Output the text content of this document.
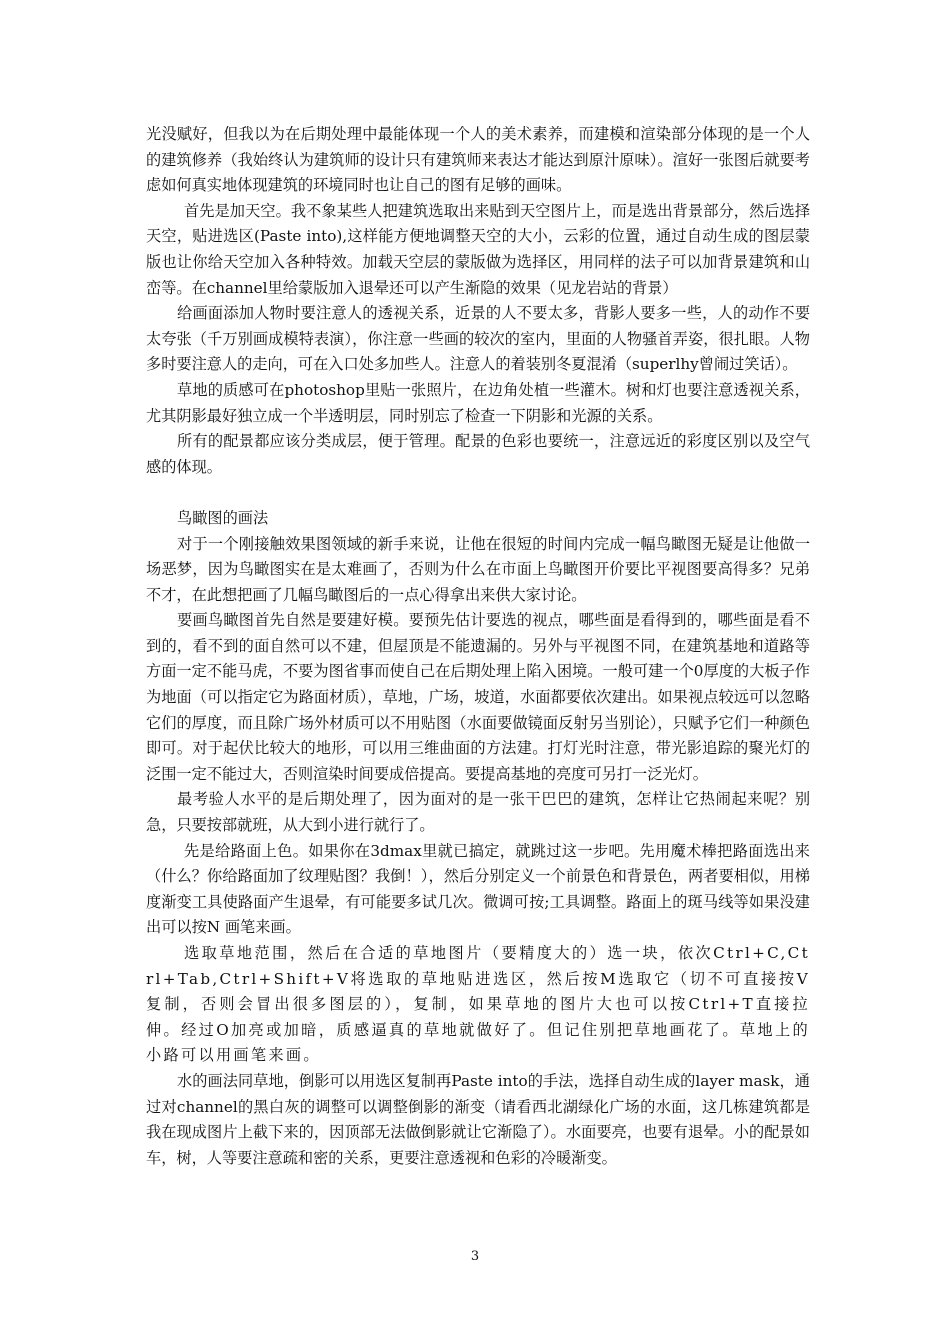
光没赋好，但我以为在后期处理中最能体现一个人的美术素养，而建模和渲染部分体现的是一个人的建筑修养（我始终认为建筑师的设计只有建筑师来表达才能达到原汁原味）。渲好一张图后就要考虑如何真实地体现建筑的环境同时也让自己的图有足够的画味。

首先是加天空。我不象某些人把建筑选取出来贴到天空图片上，而是选出背景部分，然后选择天空，贴进选区(Paste into),这样能方便地调整天空的大小，云彩的位置，通过自动生成的图层蒙版也让你给天空加入各种特效。加载天空层的蒙版做为选择区，用同样的法子可以加背景建筑和山峦等。在channel里给蒙版加入退晕还可以产生渐隐的效果（见龙岩站的背景）

给画面添加人物时要注意人的透视关系，近景的人不要太多，背影人要多一些，人的动作不要太夸张（千万别画成模特表演），你注意一些画的较次的室内，里面的人物骚首弄姿，很扎眼。人物多时要注意人的走向，可在入口处多加些人。注意人的着装别冬夏混淆（superlhy曾闹过笑话）。

草地的质感可在photoshop里贴一张照片，在边角处植一些灌木。树和灯也要注意透视关系，尤其阴影最好独立成一个半透明层，同时别忘了检查一下阴影和光源的关系。

所有的配景都应该分类成层，便于管理。配景的色彩也要统一，注意远近的彩度区别以及空气感的体现。

鸟瞰图的画法

对于一个刚接触效果图领域的新手来说，让他在很短的时间内完成一幅鸟瞰图无疑是让他做一场恶梦，因为鸟瞰图实在是太难画了，否则为什么在市面上鸟瞰图开价要比平视图要高得多？兄弟不才，在此想把画了几幅鸟瞰图后的一点心得拿出来供大家讨论。

要画鸟瞰图首先自然是要建好模。要预先估计要选的视点，哪些面是看得到的，哪些面是看不到的，看不到的面自然可以不建，但屋顶是不能遗漏的。另外与平视图不同，在建筑基地和道路等方面一定不能马虎，不要为图省事而使自己在后期处理上陷入困境。一般可建一个0厚度的大板子作为地面（可以指定它为路面材质），草地，广场，坡道，水面都要依次建出。如果视点较远可以忽略它们的厚度，而且除广场外材质可以不用贴图（水面要做镜面反射另当别论），只赋予它们一种颜色即可。对于起伏比较大的地形，可以用三维曲面的方法建。打灯光时注意，带光影追踪的聚光灯的泛围一定不能过大，否则渲染时间要成倍提高。要提高基地的亮度可另打一泛光灯。

最考验人水平的是后期处理了，因为面对的是一张干巴巴的建筑，怎样让它热闹起来呢？别急，只要按部就班，从大到小进行就行了。

先是给路面上色。如果你在3dmax里就已搞定，就跳过这一步吧。先用魔术棒把路面选出来（什么？你给路面加了纹理贴图？我倒！），然后分别定义一个前景色和背景色，两者要相似，用梯度渐变工具使路面产生退晕，有可能要多试几次。微调可按;工具调整。路面上的斑马线等如果没建出可以按N 画笔来画。

选取草地范围，然后在合适的草地图片（要精度大的）选一块，依次Ctrl+C,Ctrl+Tab,Ctrl+Shift+V将选取的草地贴进选区，然后按M选取它（切不可直接按V复制，否则会冒出很多图层的），复制，如果草地的图片大也可以按Ctrl+T直接拉伸。经过O加亮或加暗，质感逼真的草地就做好了。但记住别把草地画花了。草地上的小路可以用画笔来画。

水的画法同草地，倒影可以用选区复制再Paste into的手法，选择自动生成的layer mask，通过对channel的黑白灰的调整可以调整倒影的渐变（请看西北湖绿化广场的水面，这几栋建筑都是我在现成图片上截下来的，因顶部无法做倒影就让它渐隐了）。水面要亮，也要有退晕。小的配景如车，树，人等要注意疏和密的关系，更要注意透视和色彩的冷暖渐变。

3
